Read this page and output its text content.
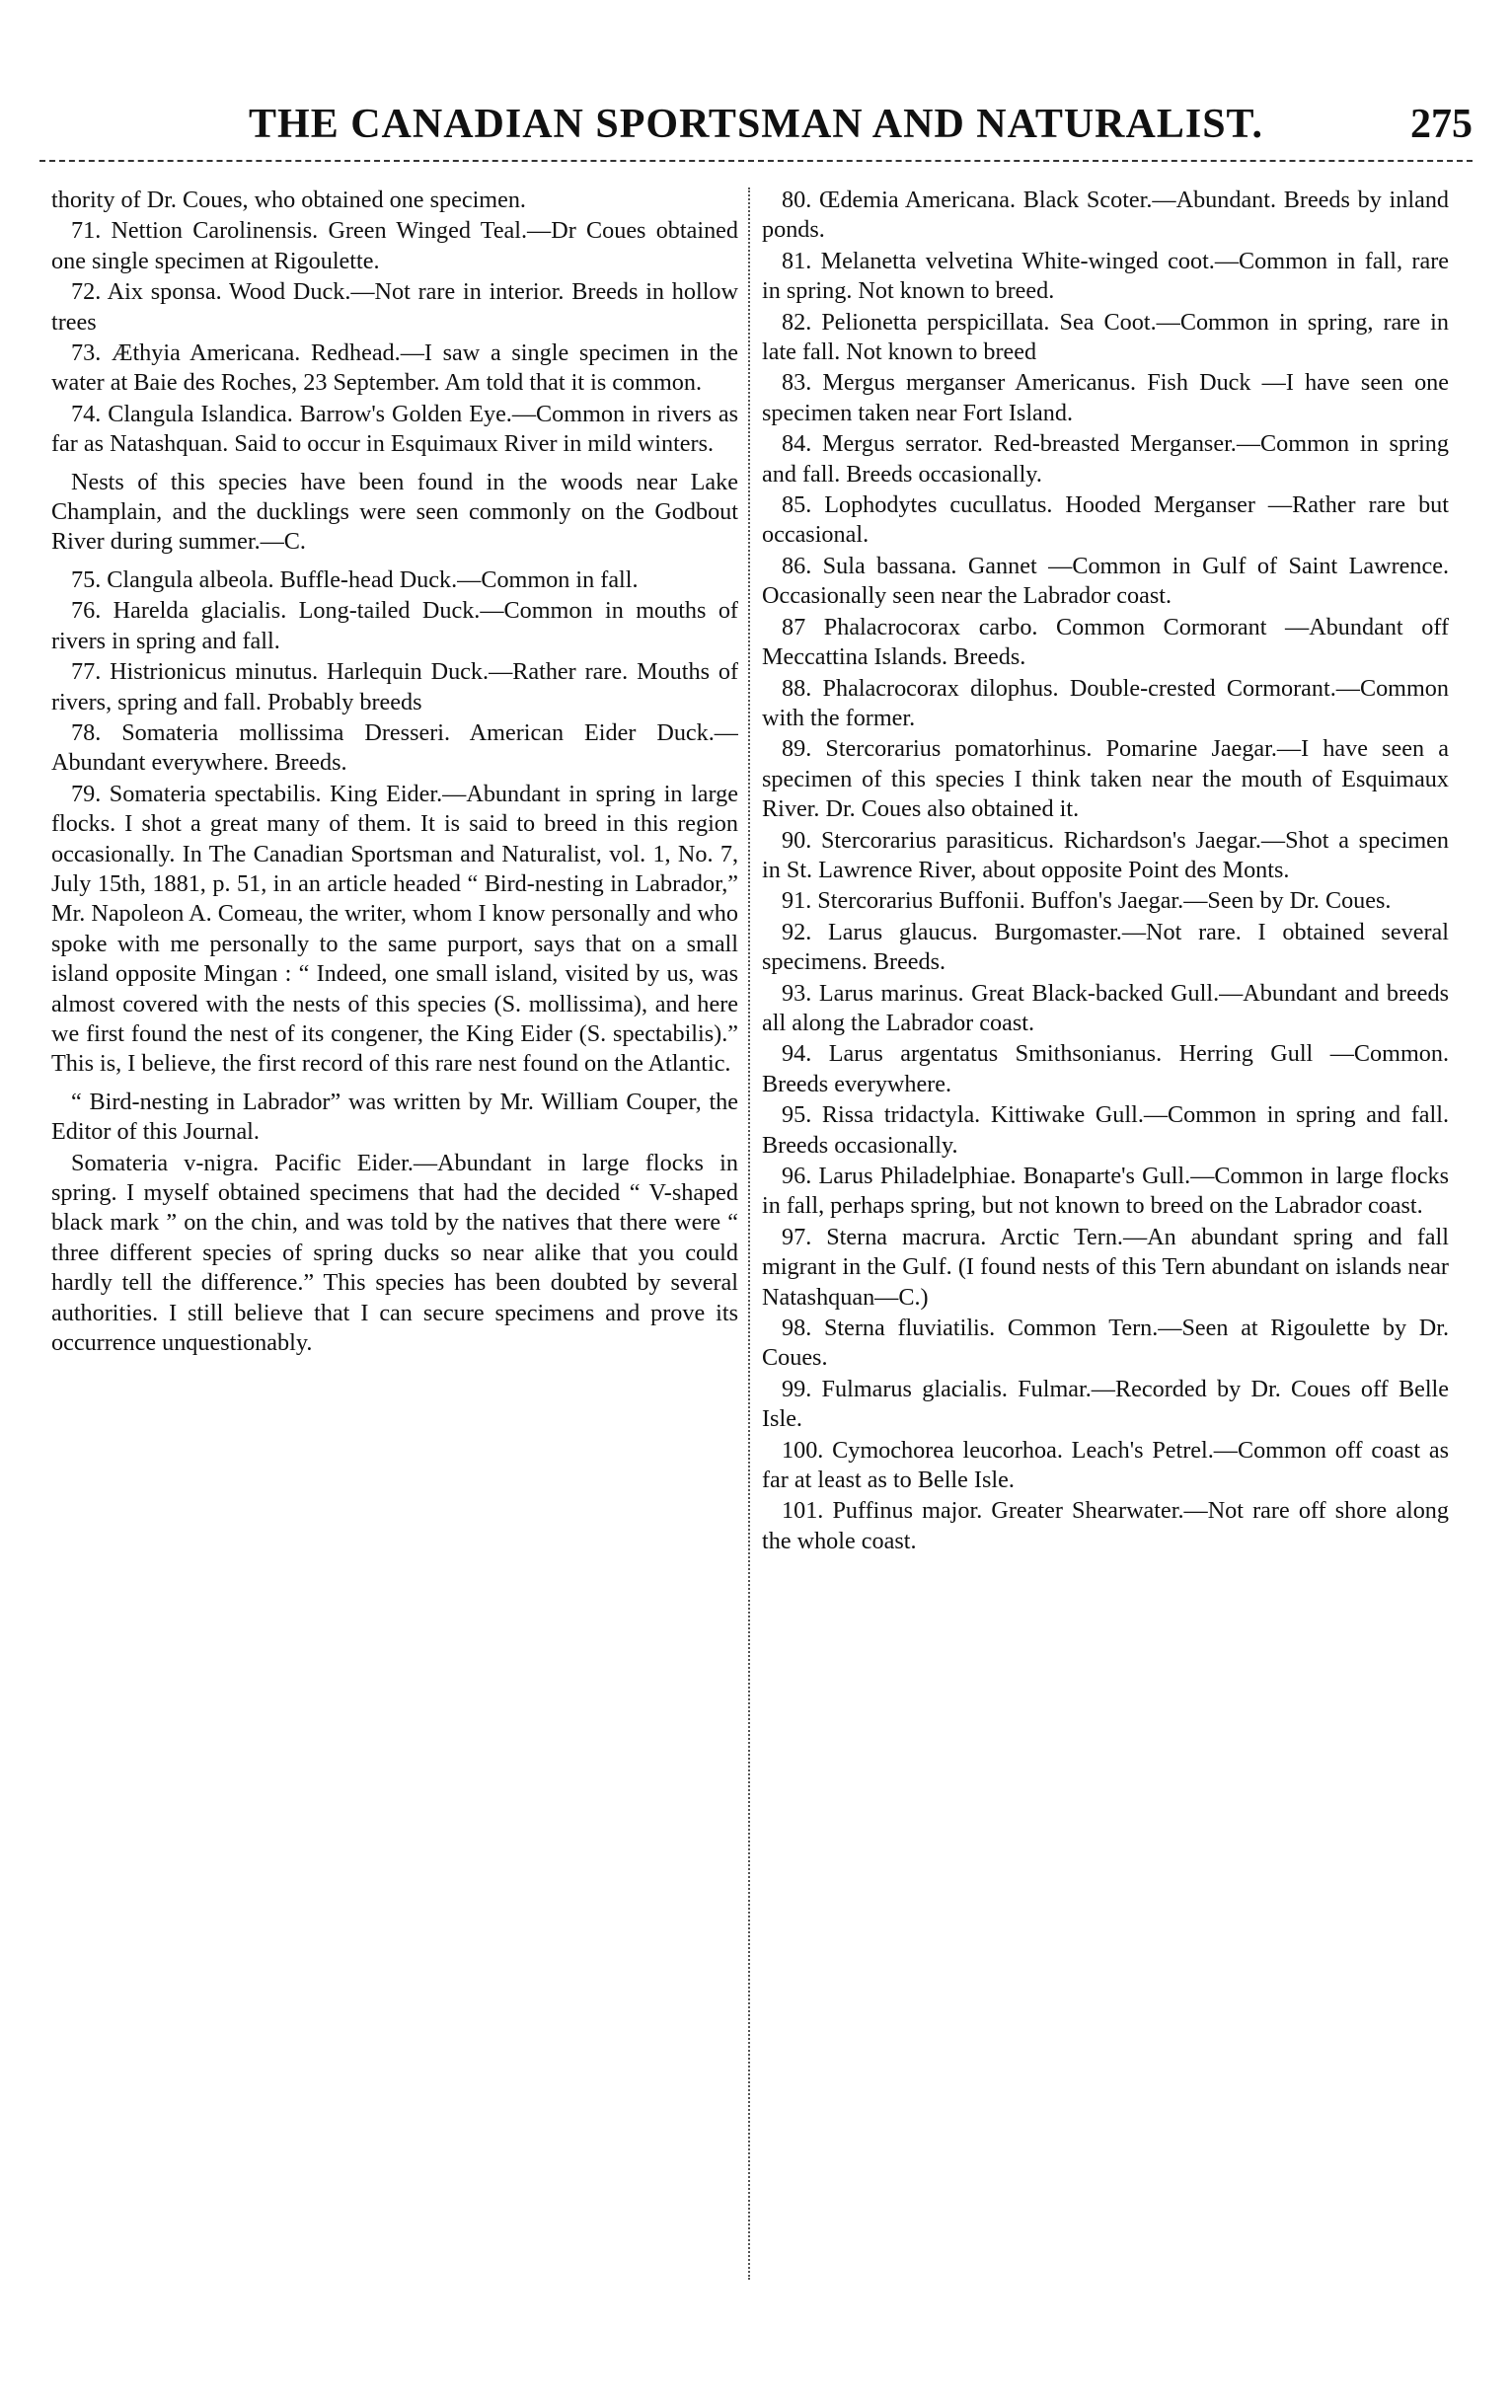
THE CANADIAN SPORTSMAN AND NATURALIST.	275

thority of Dr. Coues, who obtained one specimen.

71. Nettion Carolinensis. Green Winged Teal.—Dr Coues obtained one single specimen at Rigoulette.

72. Aix sponsa. Wood Duck.—Not rare in interior. Breeds in hollow trees

73. Æthyia Americana. Redhead.—I saw a single specimen in the water at Baie des Roches, 23 September. Am told that it is common.

74. Clangula Islandica. Barrow's Golden Eye.—Common in rivers as far as Natashquan. Said to occur in Esquimaux River in mild winters.

Nests of this species have been found in the woods near Lake Champlain, and the ducklings were seen commonly on the Godbout River during summer.—C.

75. Clangula albeola. Buffle-head Duck.—Common in fall.

76. Harelda glacialis. Long-tailed Duck.—Common in mouths of rivers in spring and fall.

77. Histrionicus minutus. Harlequin Duck.—Rather rare. Mouths of rivers, spring and fall. Probably breeds

78. Somateria mollissima Dresseri. American Eider Duck.—Abundant everywhere. Breeds.

79. Somateria spectabilis. King Eider.—Abundant in spring in large flocks. I shot a great many of them. It is said to breed in this region occasionally. In The Canadian Sportsman and Naturalist, vol. 1, No. 7, July 15th, 1881, p. 51, in an article headed “ Bird-nesting in Labrador,” Mr. Napoleon A. Comeau, the writer, whom I know personally and who spoke with me personally to the same purport, says that on a small island opposite Mingan : “ Indeed, one small island, visited by us, was almost covered with the nests of this species (S. mollissima), and here we first found the nest of its congener, the King Eider (S. spectabilis).” This is, I believe, the first record of this rare nest found on the Atlantic.

“ Bird-nesting in Labrador” was written by Mr. William Couper, the Editor of this Journal.

Somateria v-nigra. Pacific Eider.—Abundant in large flocks in spring. I myself obtained specimens that had the decided “ V-shaped black mark ” on the chin, and was told by the natives that there were “ three different species of spring ducks so near alike that you could hardly tell the difference.” This species has been doubted by several authorities. I still believe that I can secure specimens and prove its occurrence unquestionably.

80. Œdemia Americana. Black Scoter.—Abundant. Breeds by inland ponds.

81. Melanetta velvetina White-winged coot.—Common in fall, rare in spring. Not known to breed.

82. Pelionetta perspicillata. Sea Coot.—Common in spring, rare in late fall. Not known to breed

83. Mergus merganser Americanus. Fish Duck —I have seen one specimen taken near Fort Island.

84. Mergus serrator. Red-breasted Merganser.—Common in spring and fall. Breeds occasionally.

85. Lophodytes cucullatus. Hooded Merganser —Rather rare but occasional.

86. Sula bassana. Gannet —Common in Gulf of Saint Lawrence. Occasionally seen near the Labrador coast.

87 Phalacrocorax carbo. Common Cormorant —Abundant off Meccattina Islands. Breeds.

88. Phalacrocorax dilophus. Double-crested Cormorant.—Common with the former.

89. Stercorarius pomatorhinus. Pomarine Jaegar.—I have seen a specimen of this species I think taken near the mouth of Esquimaux River. Dr. Coues also obtained it.

90. Stercorarius parasiticus. Richardson's Jaegar.—Shot a specimen in St. Lawrence River, about opposite Point des Monts.

91. Stercorarius Buffonii. Buffon's Jaegar.—Seen by Dr. Coues.

92. Larus glaucus. Burgomaster.—Not rare. I obtained several specimens. Breeds.

93. Larus marinus. Great Black-backed Gull.—Abundant and breeds all along the Labrador coast.

94. Larus argentatus Smithsonianus. Herring Gull —Common. Breeds everywhere.

95. Rissa tridactyla. Kittiwake Gull.—Common in spring and fall. Breeds occasionally.

96. Larus Philadelphiae. Bonaparte's Gull.—Common in large flocks in fall, perhaps spring, but not known to breed on the Labrador coast.

97. Sterna macrura. Arctic Tern.—An abundant spring and fall migrant in the Gulf. (I found nests of this Tern abundant on islands near Natashquan—C.)

98. Sterna fluviatilis. Common Tern.—Seen at Rigoulette by Dr. Coues.

99. Fulmarus glacialis. Fulmar.—Recorded by Dr. Coues off Belle Isle.

100. Cymochorea leucorhoa. Leach's Petrel.—Common off coast as far at least as to Belle Isle.

101. Puffinus major. Greater Shearwater.—Not rare off shore along the whole coast.
